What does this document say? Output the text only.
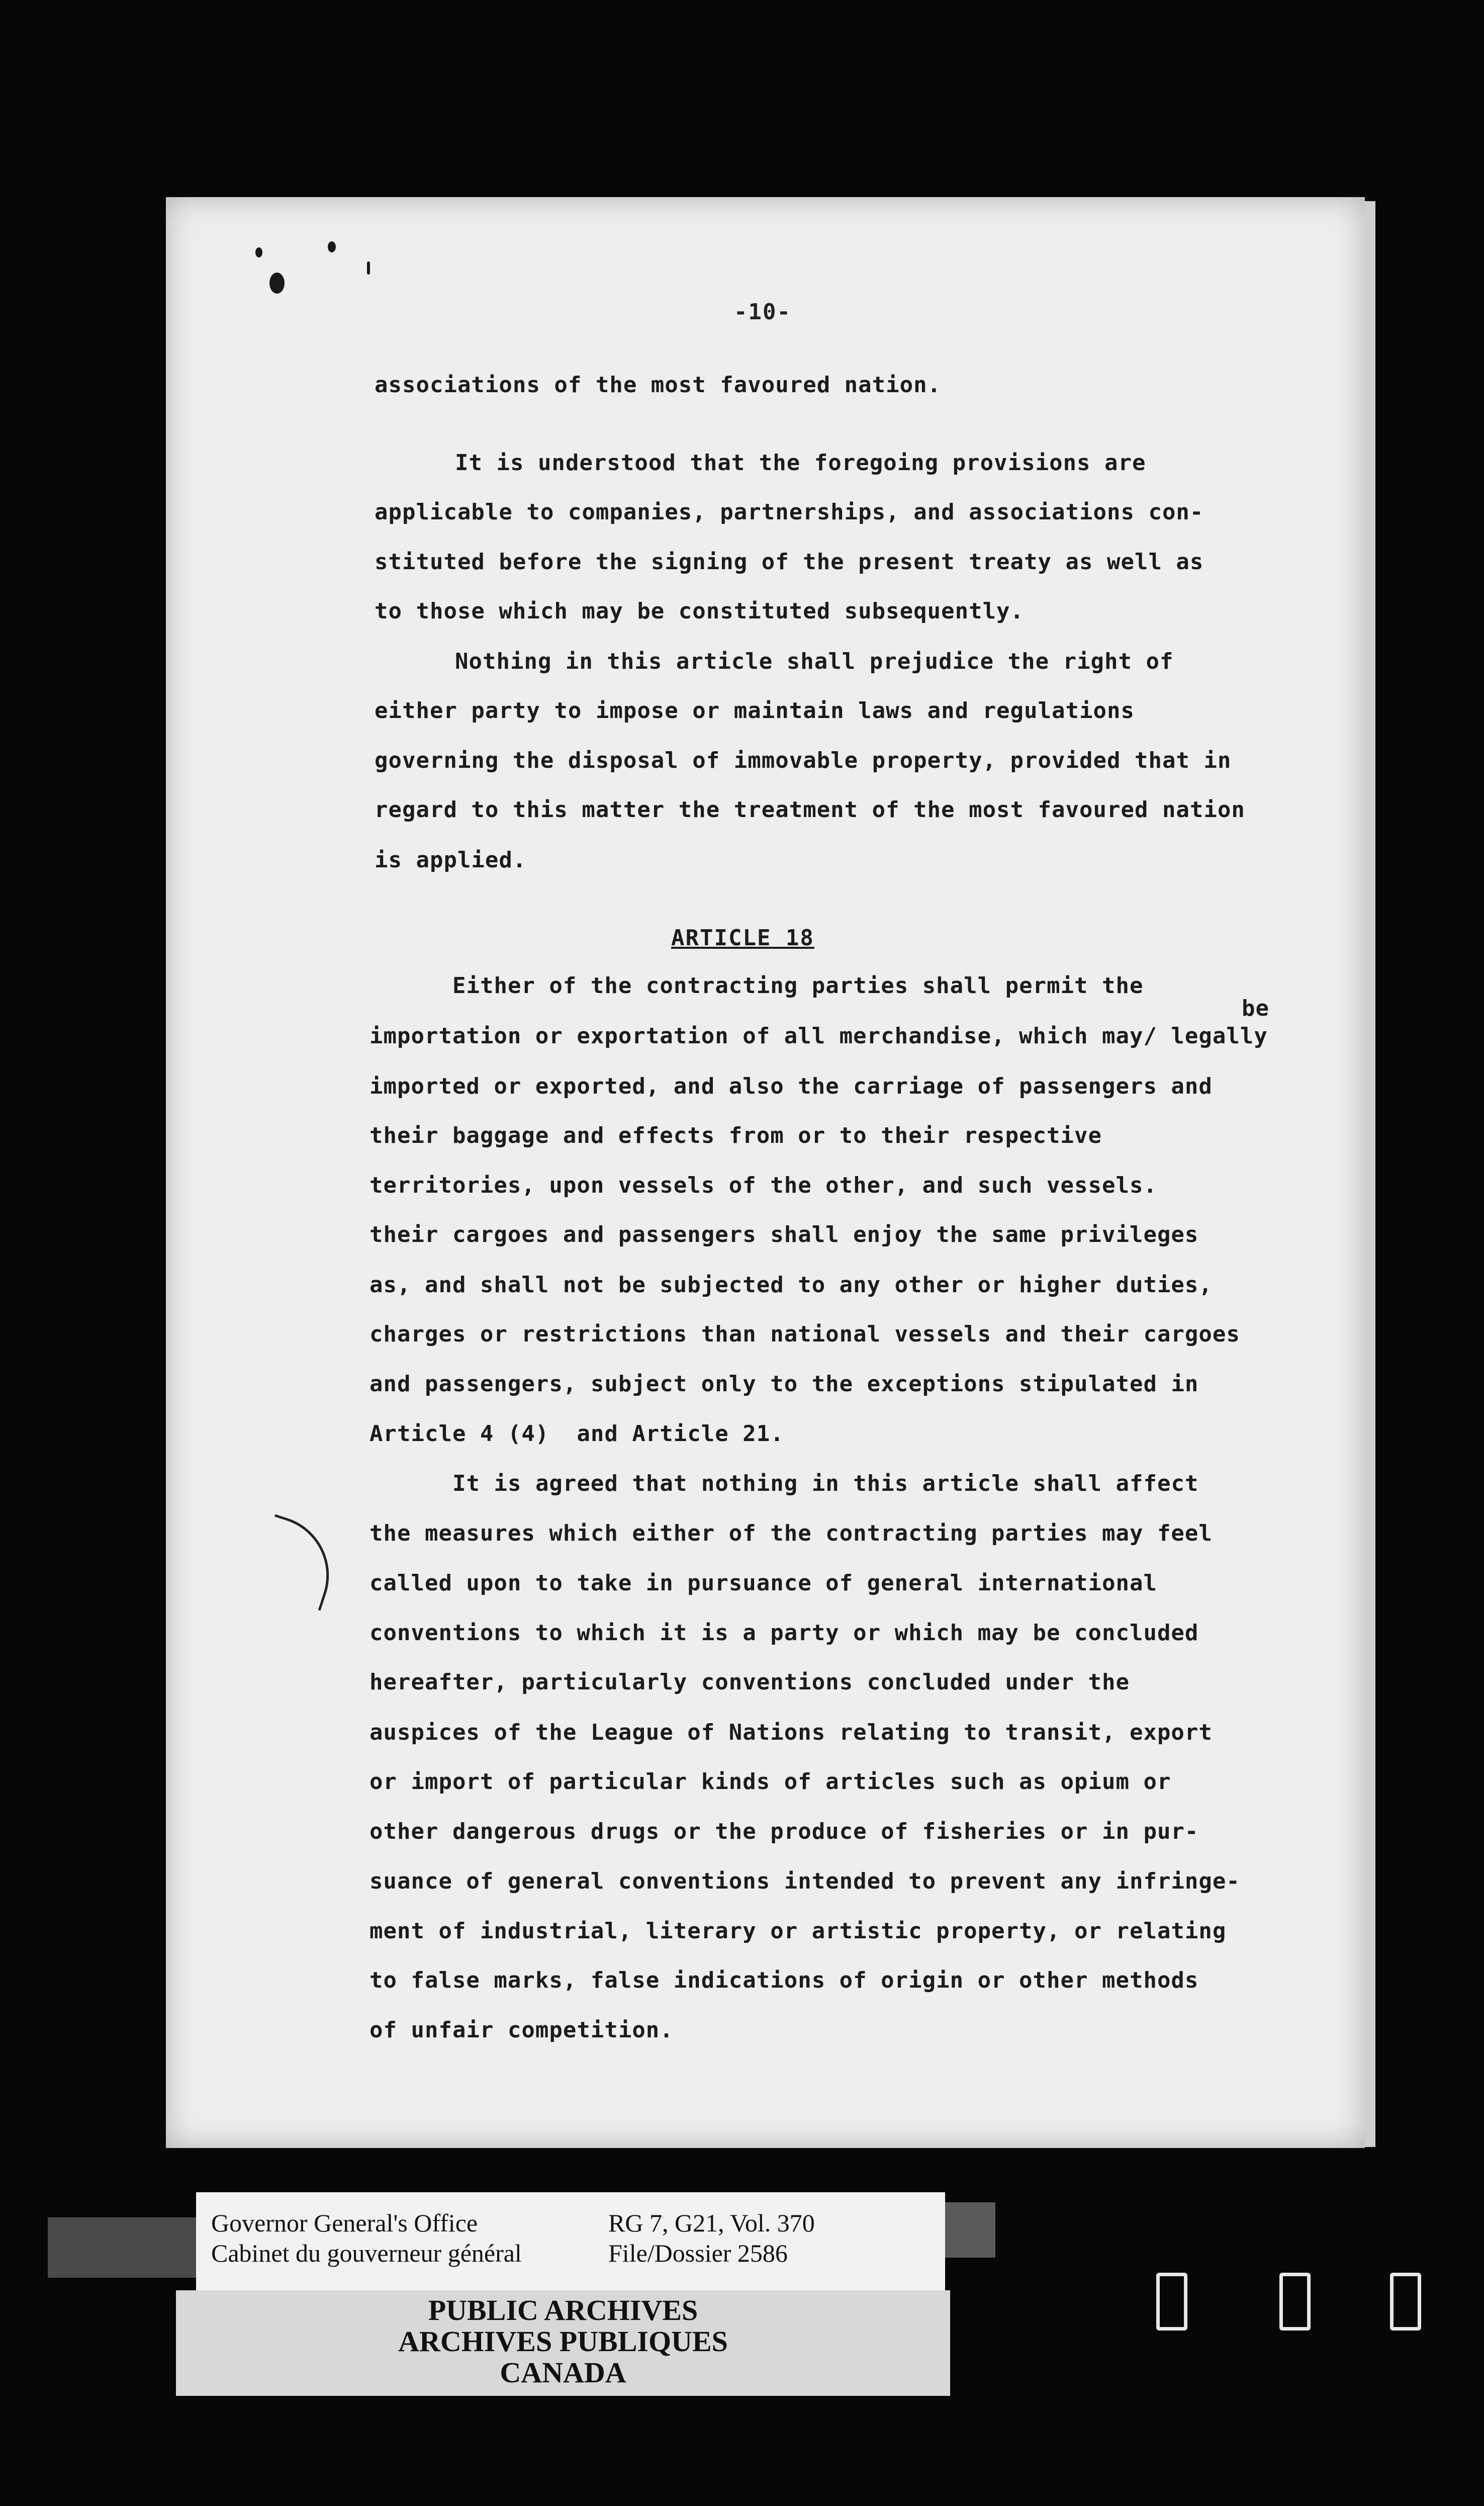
-10-
associations of the most favoured nation.
It is understood that the foregoing provisions are
applicable to companies, partnerships, and associations con-
stituted before the signing of the present treaty as well as
to those which may be constituted subsequently.
Nothing in this article shall prejudice the right of
either party to impose or maintain laws and regulations
governing the disposal of immovable property, provided that in
regard to this matter the treatment of the most favoured nation
is applied.
ARTICLE 18
be
Either of the contracting parties shall permit the
importation or exportation of all merchandise, which may/ legally
imported or exported, and also the carriage of passengers and
their baggage and effects from or to their respective
territories, upon vessels of the other, and such vessels.
their cargoes and passengers shall enjoy the same privileges
as, and shall not be subjected to any other or higher duties,
charges or restrictions than national vessels and their cargoes
and passengers, subject only to the exceptions stipulated in
Article 4 (4)  and Article 21.
It is agreed that nothing in this article shall affect
the measures which either of the contracting parties may feel
called upon to take in pursuance of general international
conventions to which it is a party or which may be concluded
hereafter, particularly conventions concluded under the
auspices of the League of Nations relating to transit, export
or import of particular kinds of articles such as opium or
other dangerous drugs or the produce of fisheries or in pur-
suance of general conventions intended to prevent any infringe-
ment of industrial, literary or artistic property, or relating
to false marks, false indications of origin or other methods
of unfair competition.
Governor General's Office
Cabinet du gouverneur général
RG 7, G21, Vol. 370
File/Dossier 2586
PUBLIC ARCHIVES
ARCHIVES PUBLIQUES
CANADA
0 0 0
